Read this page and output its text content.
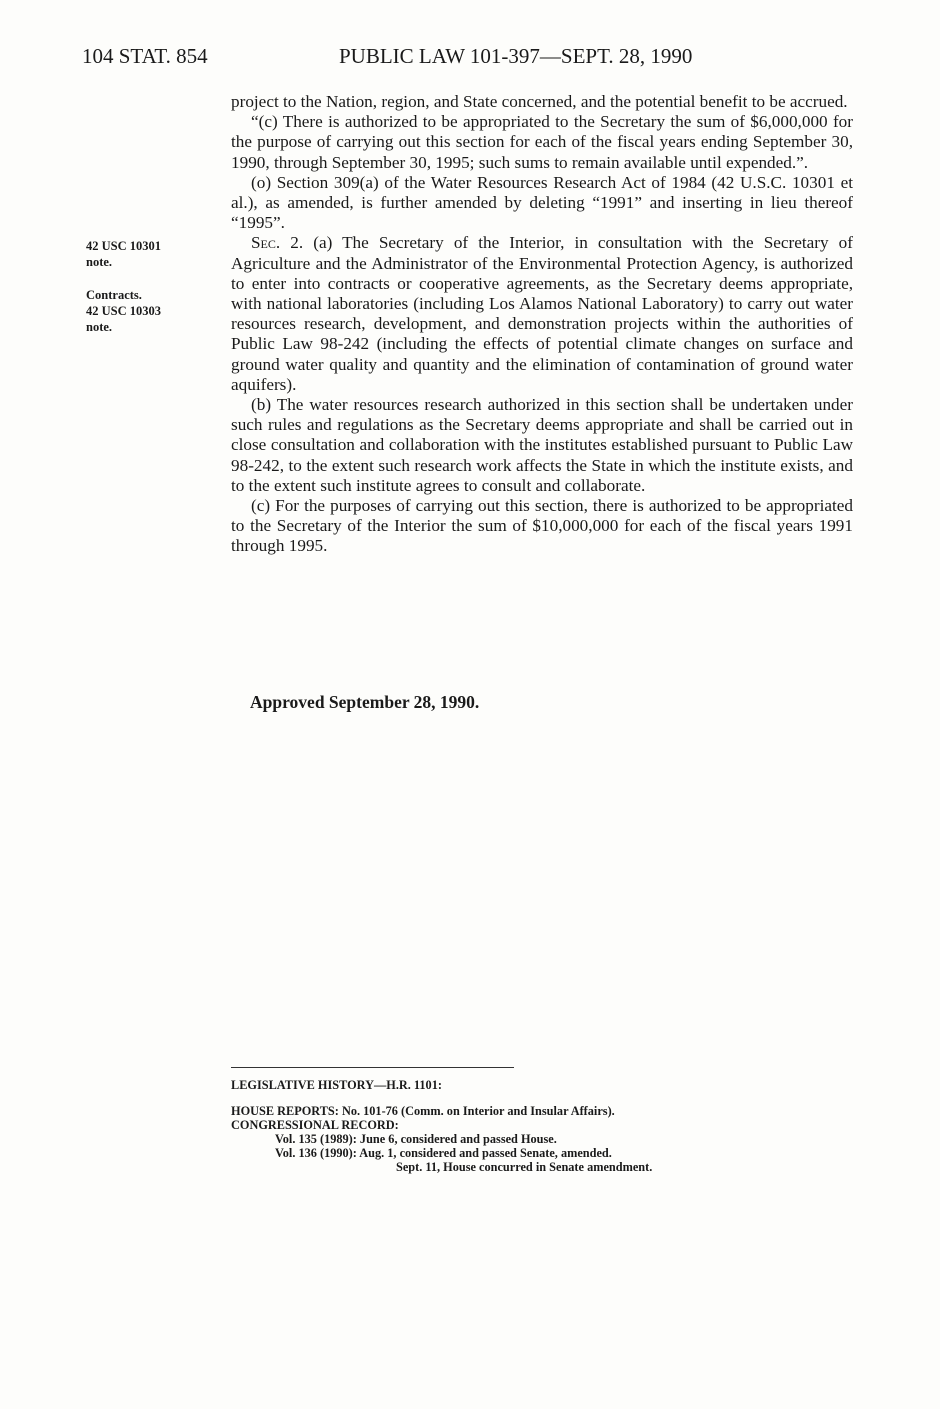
104 STAT. 854	PUBLIC LAW 101-397—SEPT. 28, 1990
42 USC 10301
note.
Contracts.
42 USC 10303
note.

project to the Nation, region, and State concerned, and the potential benefit to be accrued.

“(c) There is authorized to be appropriated to the Secretary the sum of $6,000,000 for the purpose of carrying out this section for each of the fiscal years ending September 30, 1990, through September 30, 1995; such sums to remain available until expended.”.

(o) Section 309(a) of the Water Resources Research Act of 1984 (42 U.S.C. 10301 et al.), as amended, is further amended by deleting “1991” and inserting in lieu thereof “1995”.

Sec. 2. (a) The Secretary of the Interior, in consultation with the Secretary of Agriculture and the Administrator of the Environmental Protection Agency, is authorized to enter into contracts or cooperative agreements, as the Secretary deems appropriate, with national laboratories (including Los Alamos National Laboratory) to carry out water resources research, development, and demonstration projects within the authorities of Public Law 98-242 (including the effects of potential climate changes on surface and ground water quality and quantity and the elimination of contamination of ground water aquifers).

(b) The water resources research authorized in this section shall be undertaken under such rules and regulations as the Secretary deems appropriate and shall be carried out in close consultation and collaboration with the institutes established pursuant to Public Law 98-242, to the extent such research work affects the State in which the institute exists, and to the extent such institute agrees to consult and collaborate.

(c) For the purposes of carrying out this section, there is authorized to be appropriated to the Secretary of the Interior the sum of $10,000,000 for each of the fiscal years 1991 through 1995.

Approved September 28, 1990.
LEGISLATIVE HISTORY—H.R. 1101:
HOUSE REPORTS: No. 101-76 (Comm. on Interior and Insular Affairs).
CONGRESSIONAL RECORD:
Vol. 135 (1989): June 6, considered and passed House.
Vol. 136 (1990): Aug. 1, considered and passed Senate, amended.
Sept. 11, House concurred in Senate amendment.
